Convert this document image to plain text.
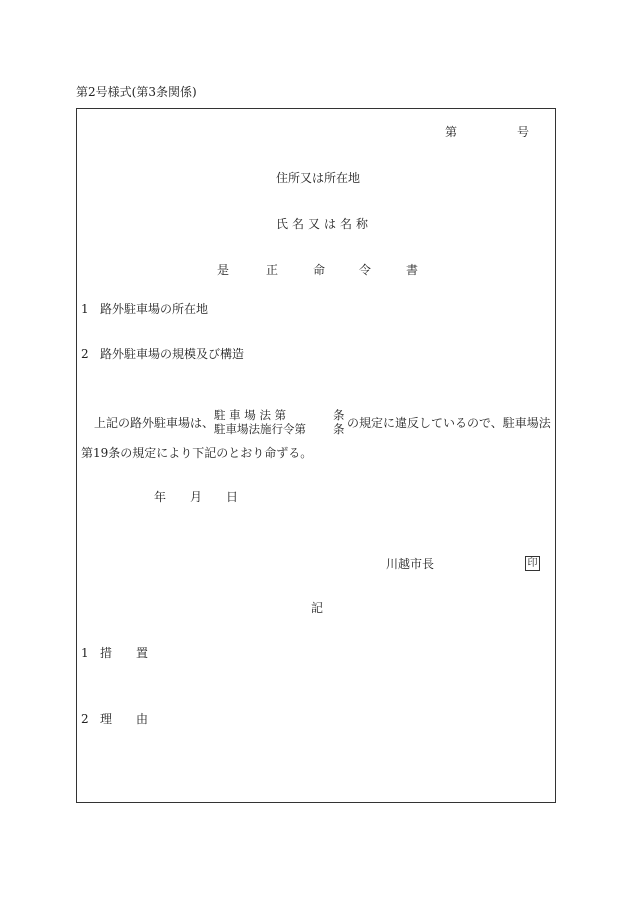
第2号様式(第3条関係)
第	号
住所又は所在地
氏名又は名称
是	正	命	令	書
1 路外駐車場の所在地
2 路外駐車場の規模及び構造
上記の路外駐車場は、
駐 車 場 法 第
駐車場法施行令第
条
条 の規定に違反しているので、駐車場法
第19条の規定により下記のとおり命ずる。
年 月 日
川越市長	印
記
1 措 置
2 理 由
